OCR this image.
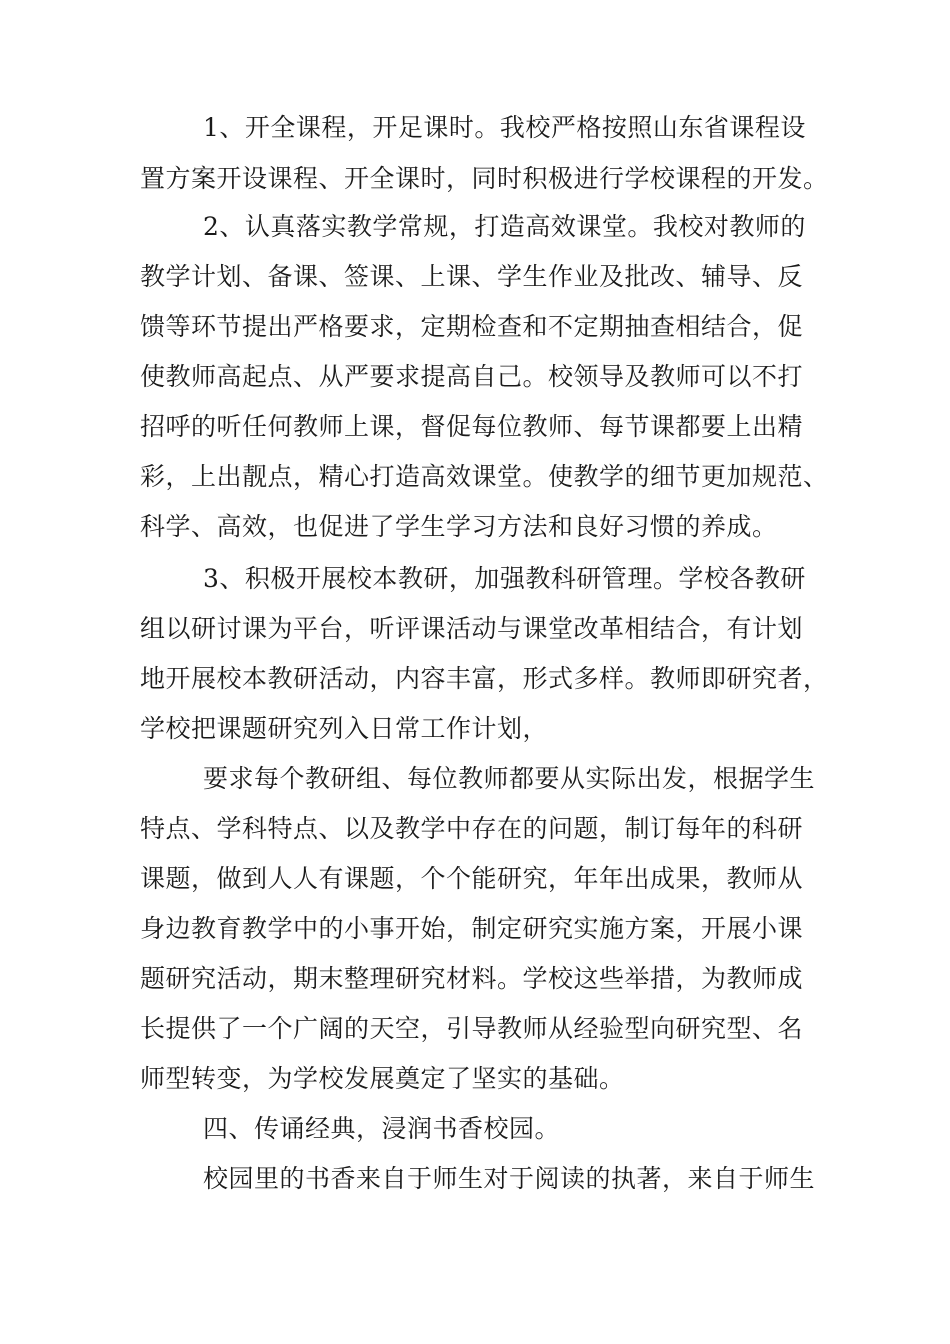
1、开全课程，开足课时。我校严格按照山东省课程设
置方案开设课程、开全课时，同时积极进行学校课程的开发。
2、认真落实教学常规，打造高效课堂。我校对教师的
教学计划、备课、签课、上课、学生作业及批改、辅导、反
馈等环节提出严格要求，定期检查和不定期抽查相结合，促
使教师高起点、从严要求提高自己。校领导及教师可以不打
招呼的听任何教师上课，督促每位教师、每节课都要上出精
彩，上出靓点，精心打造高效课堂。使教学的细节更加规范、
科学、高效，也促进了学生学习方法和良好习惯的养成。
3、积极开展校本教研，加强教科研管理。学校各教研
组以研讨课为平台，听评课活动与课堂改革相结合，有计划
地开展校本教研活动，内容丰富，形式多样。教师即研究者，
学校把课题研究列入日常工作计划，
要求每个教研组、每位教师都要从实际出发，根据学生
特点、学科特点、以及教学中存在的问题，制订每年的科研
课题，做到人人有课题，个个能研究，年年出成果，教师从
身边教育教学中的小事开始，制定研究实施方案，开展小课
题研究活动，期末整理研究材料。学校这些举措，为教师成
长提供了一个广阔的天空，引导教师从经验型向研究型、名
师型转变，为学校发展奠定了坚实的基础。
四、传诵经典，浸润书香校园。
校园里的书香来自于师生对于阅读的执著，来自于师生
